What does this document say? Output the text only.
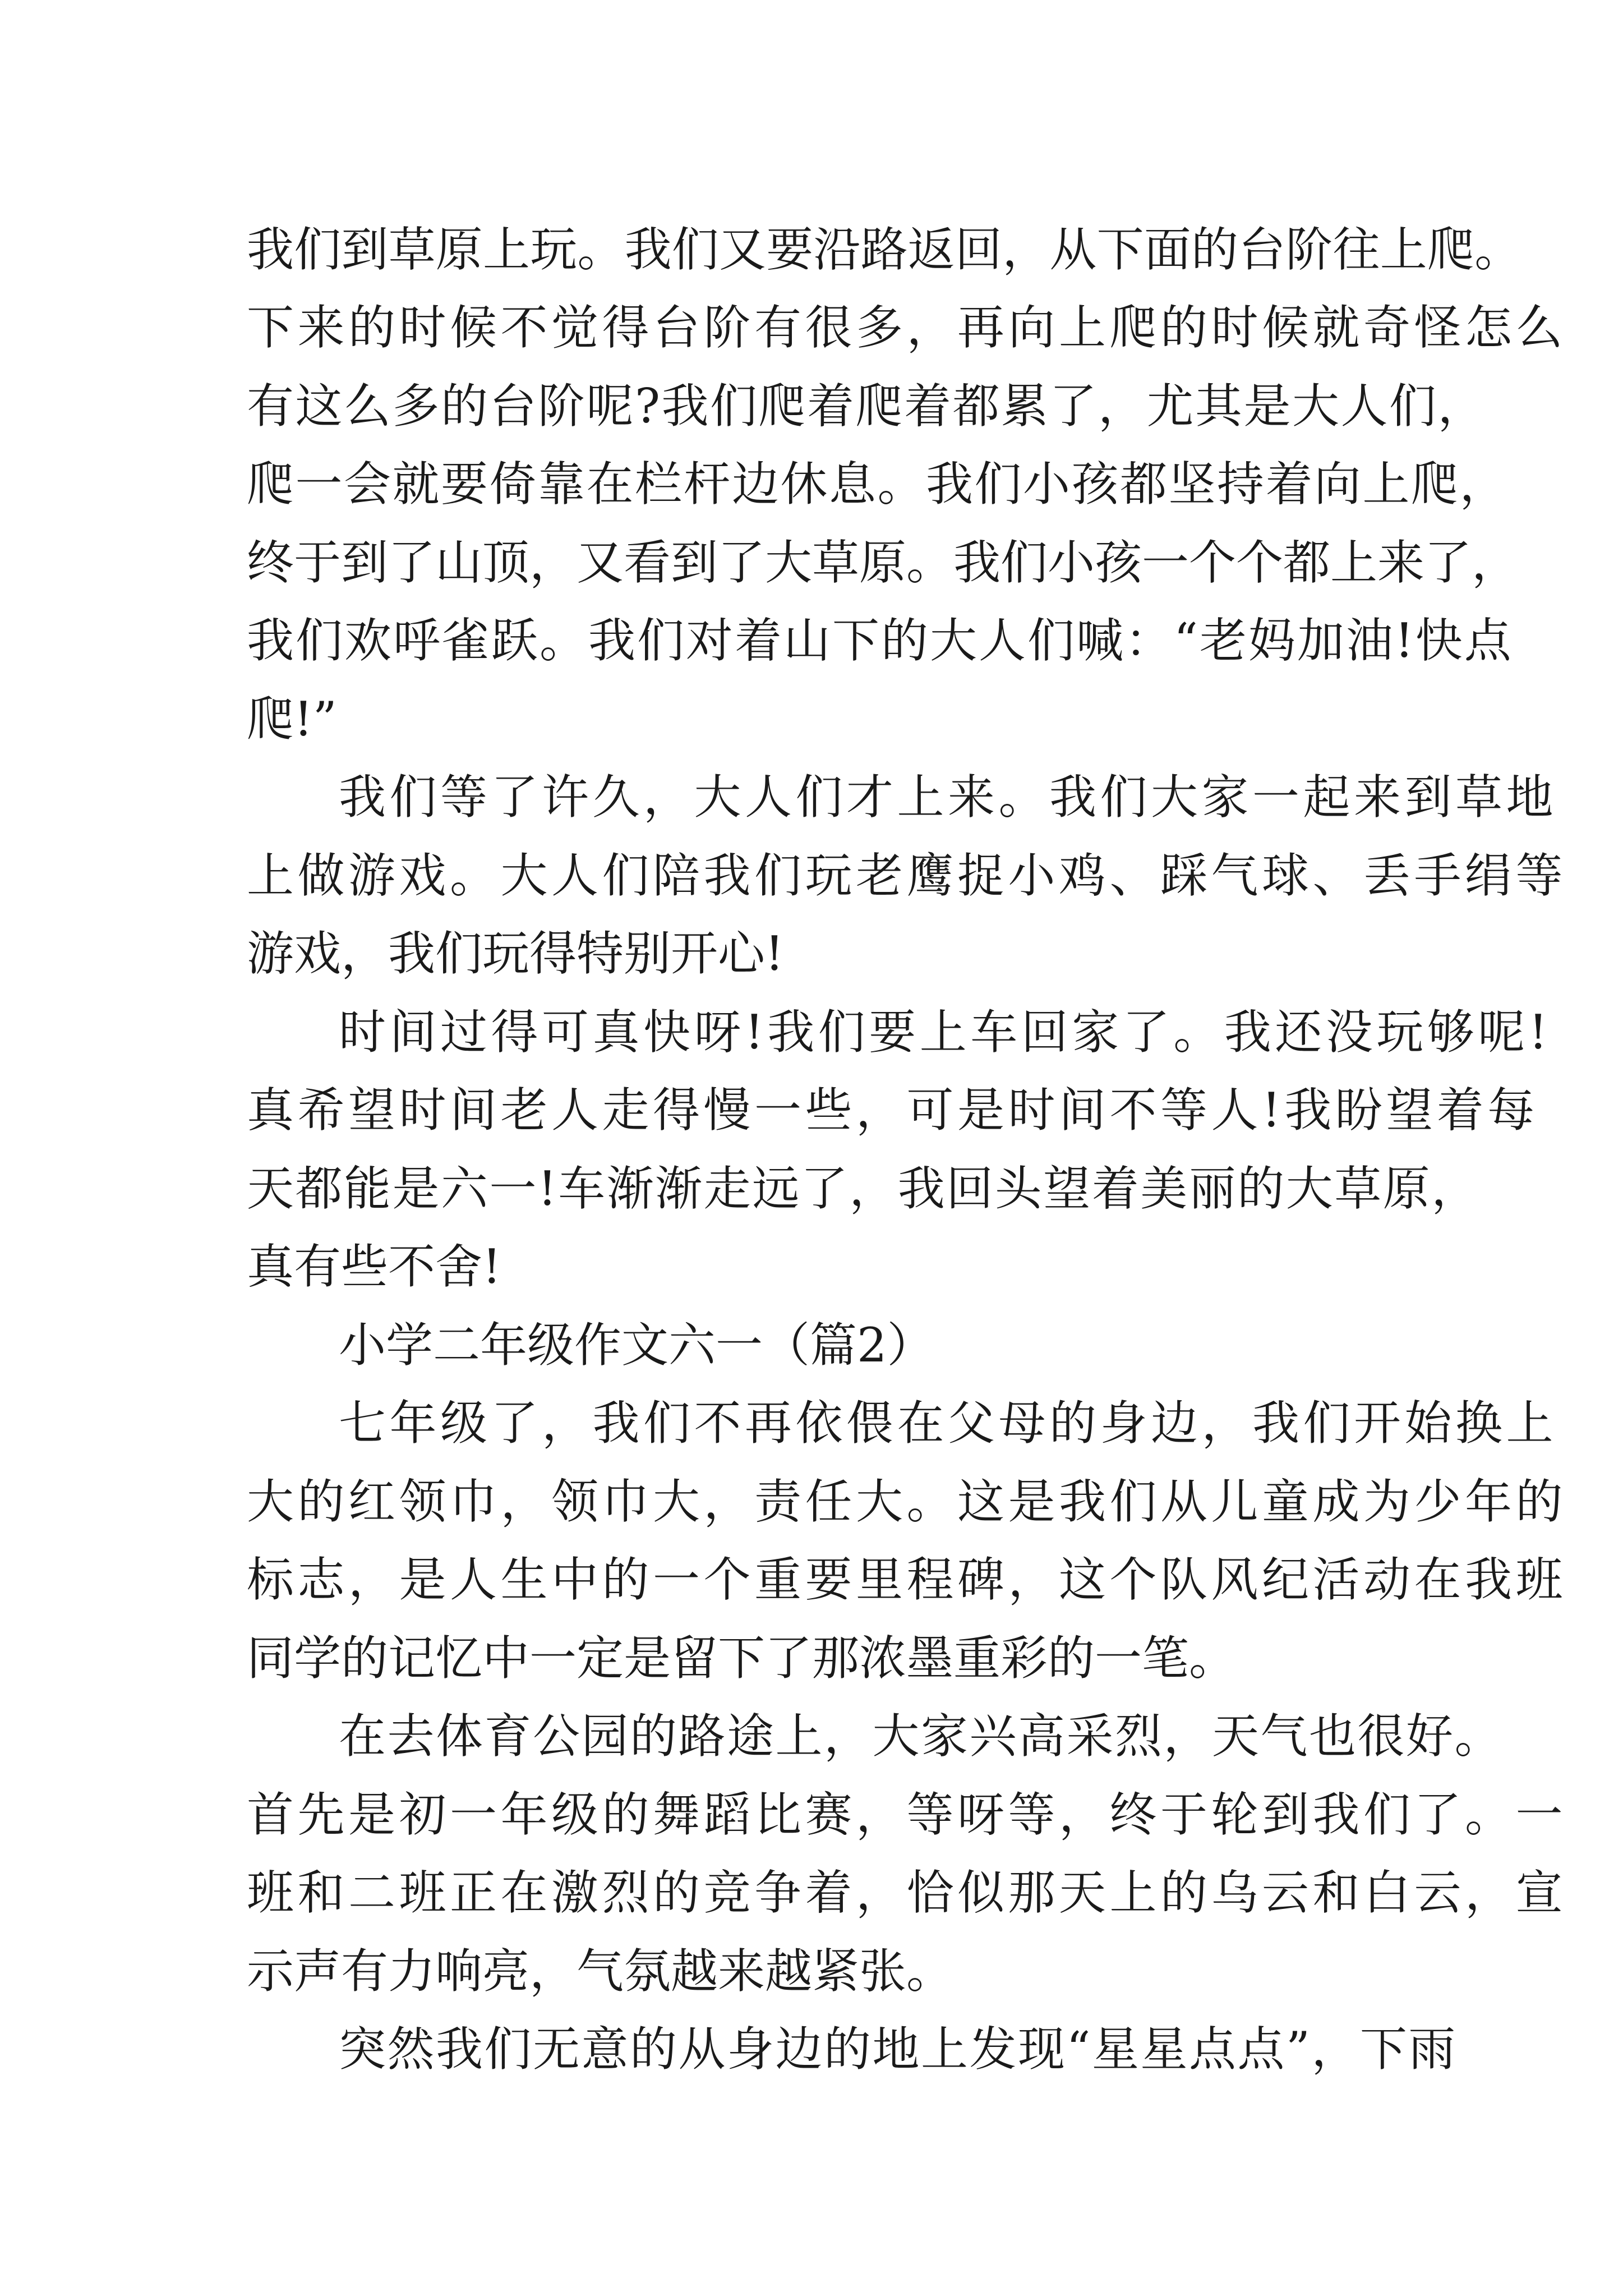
我们到草原上玩。我们又要沿路返回，从下面的台阶往上爬。
下来的时候不觉得台阶有很多，再向上爬的时候就奇怪怎么
有这么多的台阶呢?我们爬着爬着都累了，尤其是大人们，
爬一会就要倚靠在栏杆边休息。我们小孩都坚持着向上爬，
终于到了山顶，又看到了大草原。我们小孩一个个都上来了，
我们欢呼雀跃。我们对着山下的大人们喊：“老妈加油!快点
爬!”
我们等了许久，大人们才上来。我们大家一起来到草地
上做游戏。大人们陪我们玩老鹰捉小鸡、踩气球、丢手绢等
游戏，我们玩得特别开心!
时间过得可真快呀!我们要上车回家了。我还没玩够呢!
真希望时间老人走得慢一些，可是时间不等人!我盼望着每
天都能是六一!车渐渐走远了，我回头望着美丽的大草原，
真有些不舍!
小学二年级作文六一（篇2）
七年级了，我们不再依偎在父母的身边，我们开始换上
大的红领巾，领巾大，责任大。这是我们从儿童成为少年的
标志，是人生中的一个重要里程碑，这个队风纪活动在我班
同学的记忆中一定是留下了那浓墨重彩的一笔。
在去体育公园的路途上，大家兴高采烈，天气也很好。
首先是初一年级的舞蹈比赛，等呀等，终于轮到我们了。一
班和二班正在激烈的竞争着，恰似那天上的乌云和白云，宣
示声有力响亮，气氛越来越紧张。
突然我们无意的从身边的地上发现“星星点点”，下雨
